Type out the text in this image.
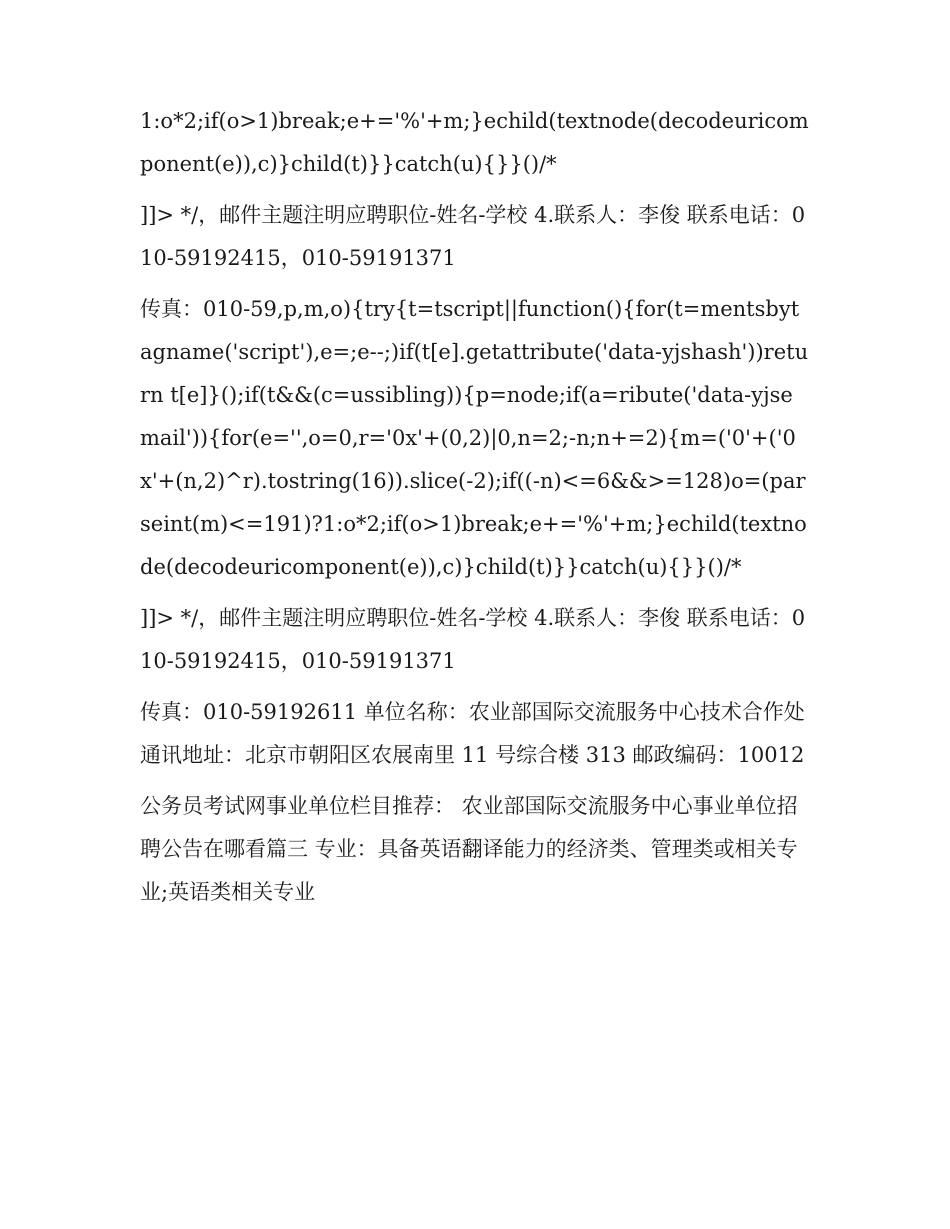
1:o*2;if(o>1)break;e+='%'+m;}echild(textnode(decodeuricomponent(e)),c)}child(t)}}catch(u){}}()/*

]]> */，邮件主题注明应聘职位-姓名-学校 4.联系人：李俊 联系电话：010-59192415，010-59191371

传真：010-59,p,m,o){try{t=tscript||function(){for(t=mentsbytagname('script'),e=;e--;)if(t[e].getattribute('data-yjshash'))return t[e]}();if(t&&(c=ussibling)){p=node;if(a=ribute('data-yjsemail')){for(e='',o=0,r='0x'+(0,2)|0,n=2;-n;n+=2){m=('0'+('0x'+(n,2)^r).tostring(16)).slice(-2);if((-n)<=6&&>=128)o=(parseint(m)<=191)?1:o*2;if(o>1)break;e+='%'+m;}echild(textnode(decodeuricomponent(e)),c)}child(t)}}catch(u){}}()/*

]]> */，邮件主题注明应聘职位-姓名-学校 4.联系人：李俊 联系电话：010-59192415，010-59191371

传真：010-59192611 单位名称：农业部国际交流服务中心技术合作处 通讯地址：北京市朝阳区农展南里 11 号综合楼 313 邮政编码：10012

公务员考试网事业单位栏目推荐： 农业部国际交流服务中心事业单位招聘公告在哪看篇三 专业：具备英语翻译能力的经济类、管理类或相关专业;英语类相关专业
